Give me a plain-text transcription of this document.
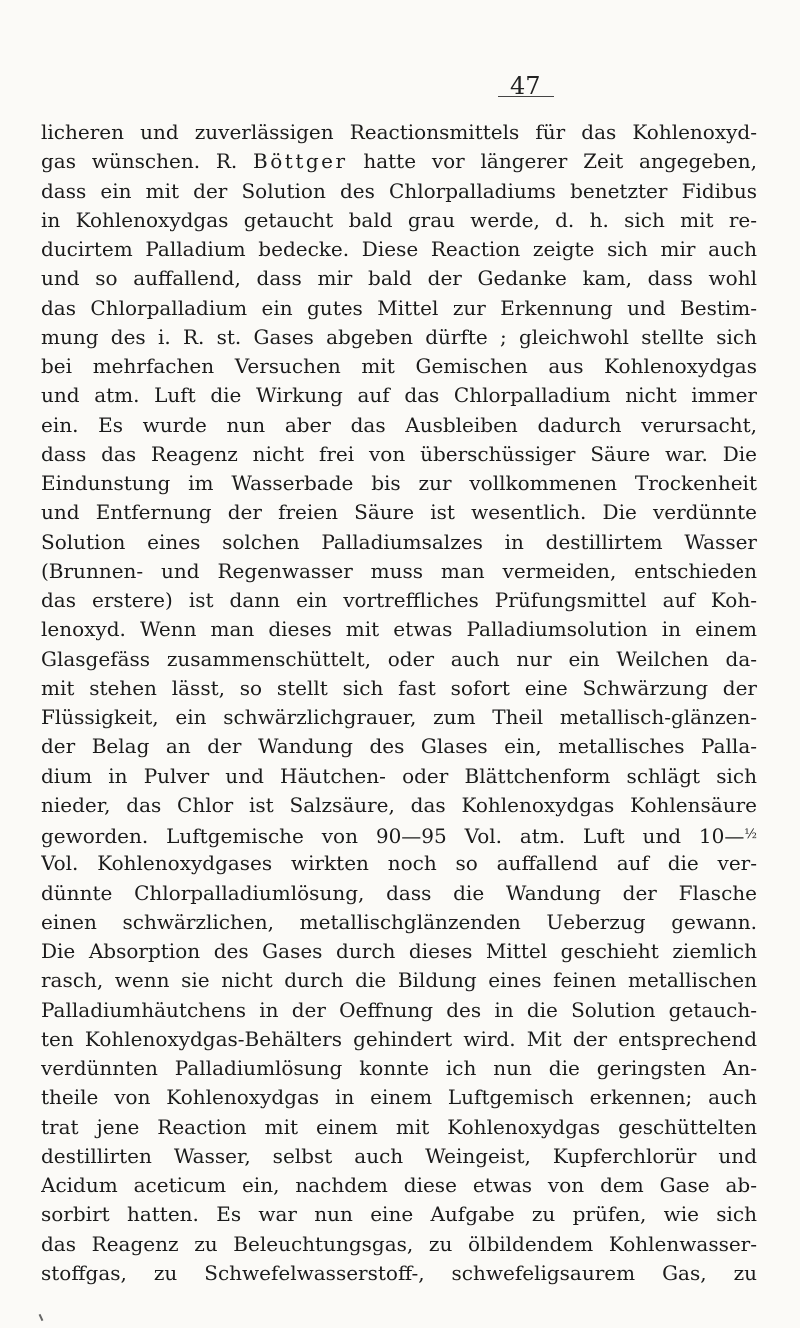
47
licheren und zuverlässigen Reactionsmittels für das Kohlenoxyd-
gas wünschen. R. Böttger hatte vor längerer Zeit angegeben,
dass ein mit der Solution des Chlorpalladiums benetzter Fidibus
in Kohlenoxydgas getaucht bald grau werde, d. h. sich mit re-
ducirtem Palladium bedecke. Diese Reaction zeigte sich mir auch
und so auffallend, dass mir bald der Gedanke kam, dass wohl
das Chlorpalladium ein gutes Mittel zur Erkennung und Bestim-
mung des i. R. st. Gases abgeben dürfte ; gleichwohl stellte sich
bei mehrfachen Versuchen mit Gemischen aus Kohlenoxydgas
und atm. Luft die Wirkung auf das Chlorpalladium nicht immer
ein. Es wurde nun aber das Ausbleiben dadurch verursacht,
dass das Reagenz nicht frei von überschüssiger Säure war. Die
Eindunstung im Wasserbade bis zur vollkommenen Trockenheit
und Entfernung der freien Säure ist wesentlich. Die verdünnte
Solution eines solchen Palladiumsalzes in destillirtem Wasser
(Brunnen- und Regenwasser muss man vermeiden, entschieden
das erstere) ist dann ein vortreffliches Prüfungsmittel auf Koh-
lenoxyd. Wenn man dieses mit etwas Palladiumsolution in einem
Glasgefäss zusammenschüttelt, oder auch nur ein Weilchen da-
mit stehen lässt, so stellt sich fast sofort eine Schwärzung der
Flüssigkeit, ein schwärzlichgrauer, zum Theil metallisch-glänzen-
der Belag an der Wandung des Glases ein, metallisches Palla-
dium in Pulver und Häutchen- oder Blättchenform schlägt sich
nieder, das Chlor ist Salzsäure, das Kohlenoxydgas Kohlensäure
geworden. Luftgemische von 90—95 Vol. atm. Luft und 10—$^{\frac{1}{2}}$
Vol. Kohlenoxydgases wirkten noch so auffallend auf die ver-
dünnte Chlorpalladiumlösung, dass die Wandung der Flasche
einen schwärzlichen, metallischglänzenden Ueberzug gewann.
Die Absorption des Gases durch dieses Mittel geschieht ziemlich
rasch, wenn sie nicht durch die Bildung eines feinen metallischen
Palladiumhäutchens in der Oeffnung des in die Solution getauch-
ten Kohlenoxydgas-Behälters gehindert wird. Mit der entsprechend
verdünnten Palladiumlösung konnte ich nun die geringsten An-
theile von Kohlenoxydgas in einem Luftgemisch erkennen; auch
trat jene Reaction mit einem mit Kohlenoxydgas geschüttelten
destillirten Wasser, selbst auch Weingeist, Kupferchlorür und
Acidum aceticum ein, nachdem diese etwas von dem Gase ab-
sorbirt hatten. Es war nun eine Aufgabe zu prüfen, wie sich
das Reagenz zu Beleuchtungsgas, zu ölbildendem Kohlenwasser-
stoffgas, zu Schwefelwasserstoff-, schwefeligsaurem Gas, zu
